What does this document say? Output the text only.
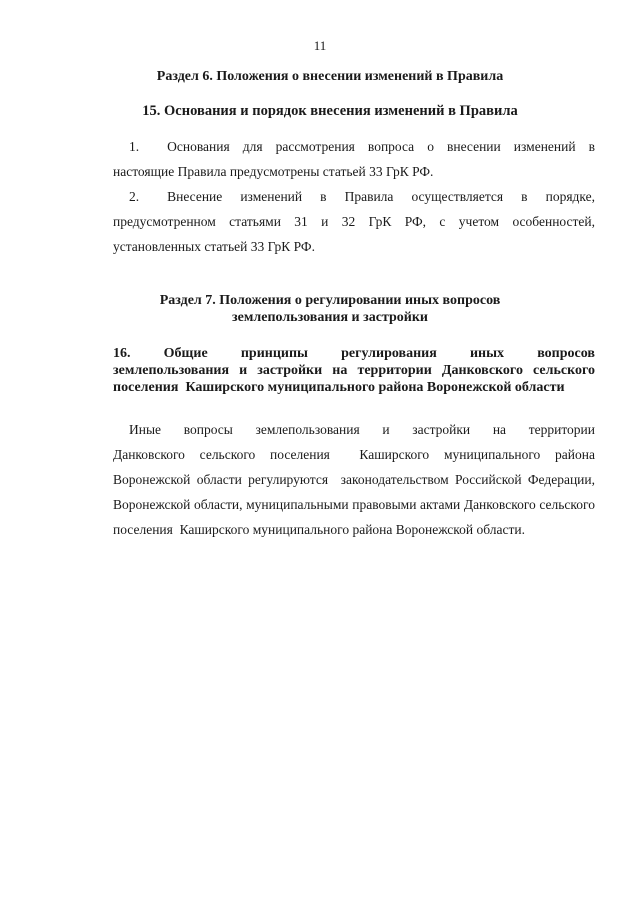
11
Раздел 6. Положения о внесении изменений в Правила
15. Основания и порядок внесения изменений в Правила
1. Основания для рассмотрения вопроса о внесении изменений в
настоящие Правила предусмотрены статьей 33 ГрК РФ.
2. Внесение изменений в Правила осуществляется в порядке,
предусмотренном статьями 31 и 32 ГрК РФ, с учетом особенностей, установленных статьей 33 ГрК РФ.
Раздел 7. Положения о регулировании иных вопросов
землепользования и застройки
16. Общие принципы регулирования иных вопросов
землепользования и застройки на территории Данковского сельского
поселения  Каширского муниципального района Воронежской области
Иные вопросы землепользования и застройки на территории
Данковского сельского поселения  Каширского муниципального района Воронежской области регулируются  законодательством Российской Федерации, Воронежской области, муниципальными правовыми актами Данковского сельского поселения  Каширского муниципального района Воронежской области.
